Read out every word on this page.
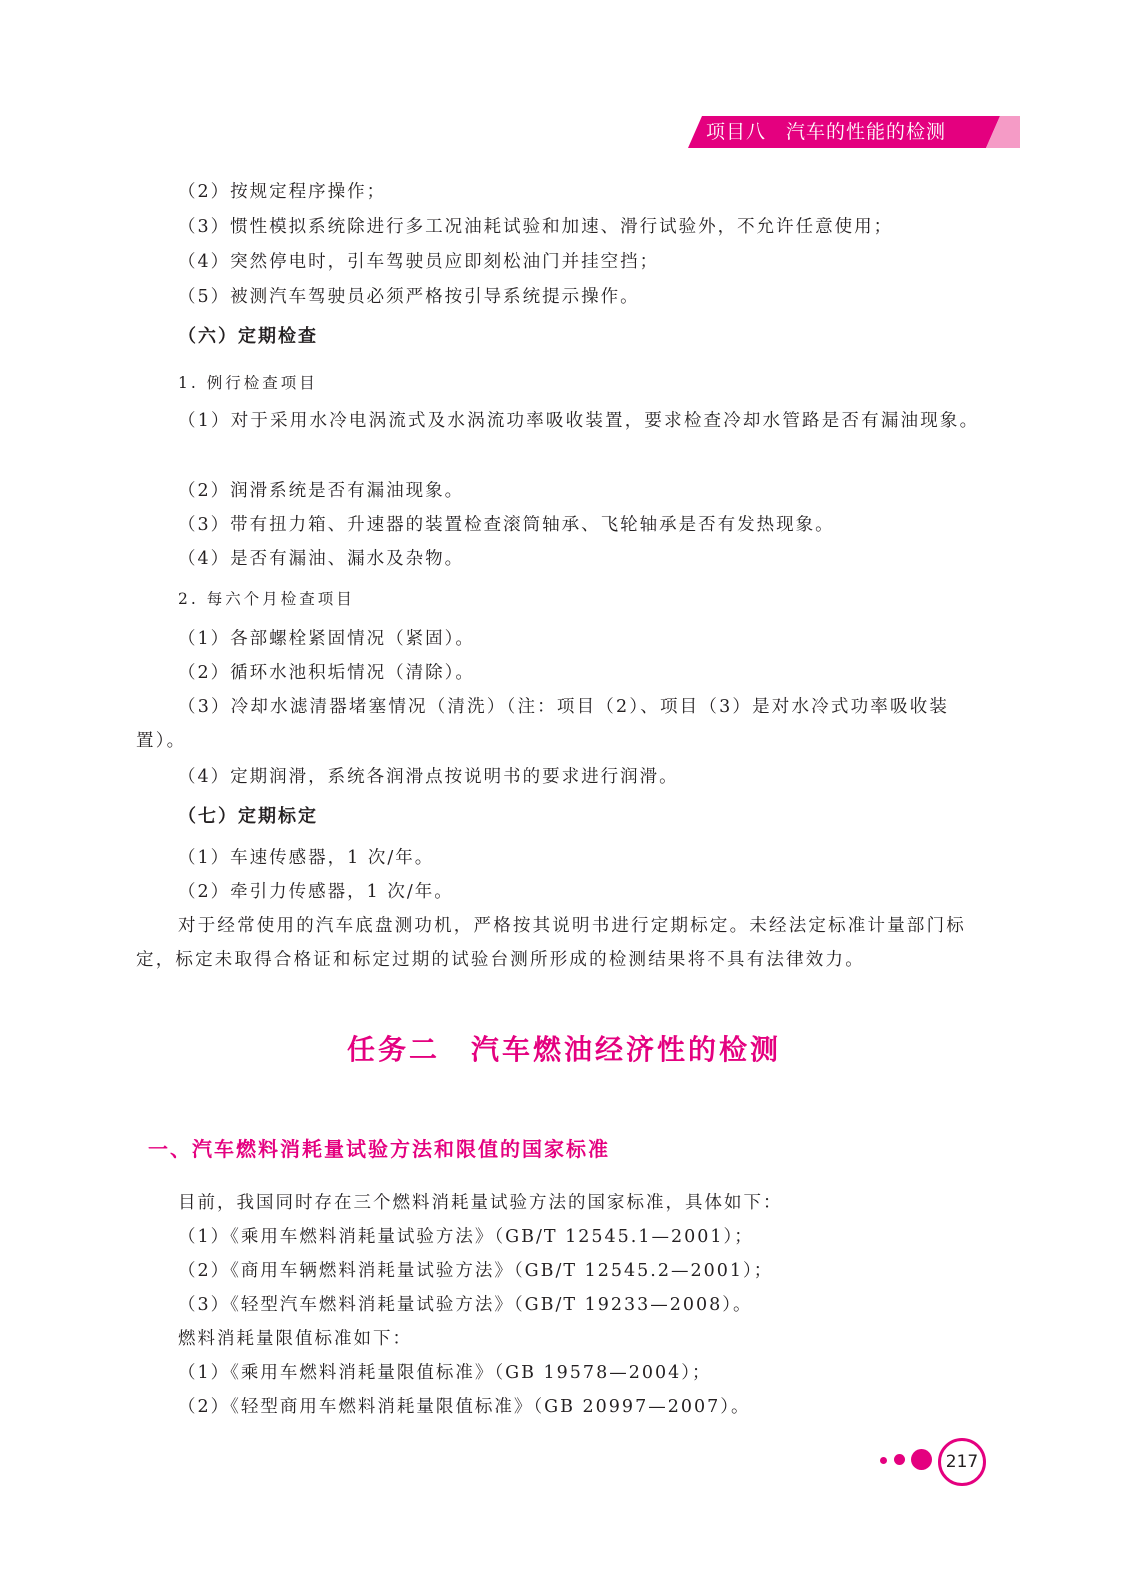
项目八　汽车的性能的检测
（2）按规定程序操作；
（3）惯性模拟系统除进行多工况油耗试验和加速、滑行试验外，不允许任意使用；
（4）突然停电时，引车驾驶员应即刻松油门并挂空挡；
（5）被测汽车驾驶员必须严格按引导系统提示操作。
（六）定期检查
1. 例行检查项目
（1）对于采用水冷电涡流式及水涡流功率吸收装置，要求检查冷却水管路是否有漏油现象。
（2）润滑系统是否有漏油现象。
（3）带有扭力箱、升速器的装置检查滚筒轴承、飞轮轴承是否有发热现象。
（4）是否有漏油、漏水及杂物。
2. 每六个月检查项目
（1）各部螺栓紧固情况（紧固）。
（2）循环水池积垢情况（清除）。
（3）冷却水滤清器堵塞情况（清洗）（注：项目（2）、项目（3）是对水冷式功率吸收装置）。
（4）定期润滑，系统各润滑点按说明书的要求进行润滑。
（七）定期标定
（1）车速传感器，1 次/年。
（2）牵引力传感器，1 次/年。
对于经常使用的汽车底盘测功机，严格按其说明书进行定期标定。未经法定标准计量部门标定，标定未取得合格证和标定过期的试验台测所形成的检测结果将不具有法律效力。
任务二　汽车燃油经济性的检测
一、汽车燃料消耗量试验方法和限值的国家标准
目前，我国同时存在三个燃料消耗量试验方法的国家标准，具体如下：
（1）《乘用车燃料消耗量试验方法》（GB/T 12545.1—2001）；
（2）《商用车辆燃料消耗量试验方法》（GB/T 12545.2—2001）；
（3）《轻型汽车燃料消耗量试验方法》（GB/T 19233—2008）。
燃料消耗量限值标准如下：
（1）《乘用车燃料消耗量限值标准》（GB 19578—2004）；
（2）《轻型商用车燃料消耗量限值标准》（GB 20997—2007）。
217
